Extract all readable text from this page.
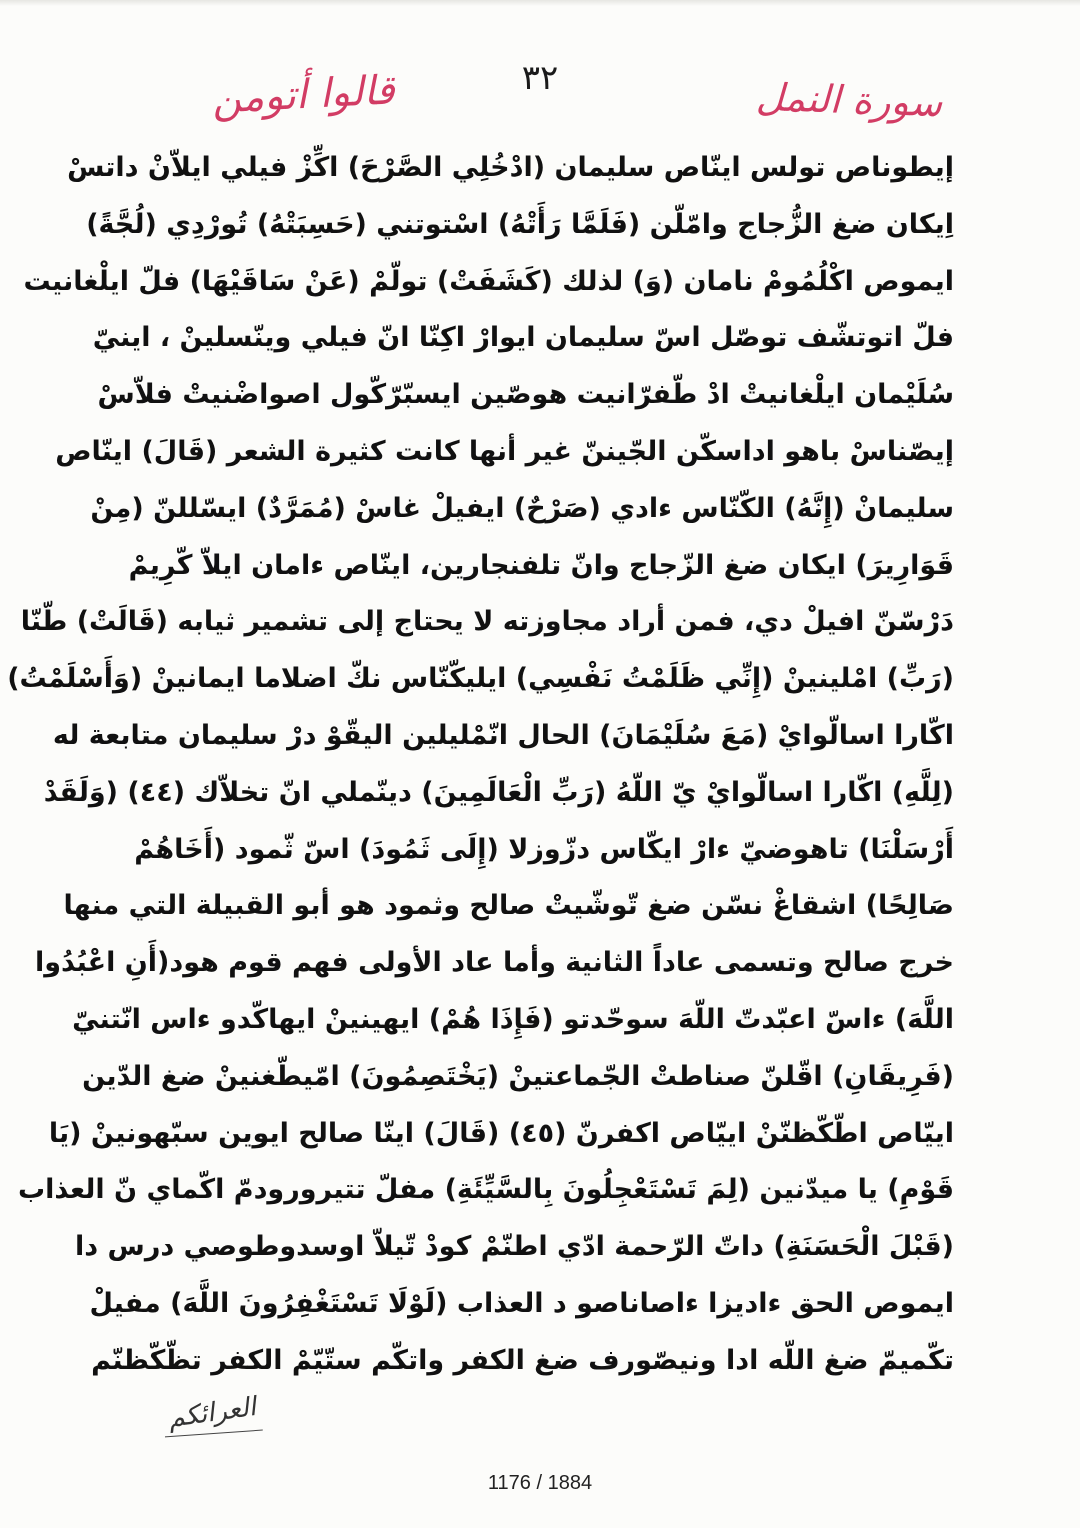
قالوا أتومن	٣٢	سورة النمل
إيطوناص تولس اينّاص سليمان (ادْخُلِي الصَّرْحَ) اكِّزْ فيلي ايلاّنْ داتسْ
اِيكان ضغ الزُّجاج وامّلّن (فَلَمَّا رَأَتْهُ) اسْتوتني (حَسِبَتْهُ) تُورْدِي (لُجَّةً)
ايموص اكْلُمُومْ نامان (وَ) لذلك (كَشَفَتْ) تولّمْ (عَنْ سَاقَيْهَا) فلّ ايلْغانيت
فلّ اتوتشّف توصّل اسّ سليمان ايوارْ اكِنّا انّ فيلي وينّسلينْ ، اينيّ
سُلَيْمان ايلْغانيتْ ادْ طّفرّانيت هوصّين ايسبّرّكّول اصواضْنيتْ فلاّسْ
إيصّناسْ باهو اداسكّن الجّيننّ غير أنها كانت كثيرة الشعر (قَالَ) اينّاص
سليمانْ (إِنَّهُ) الكّنّاس ءادي (صَرْحٌ) ايفيلْ غاسْ (مُمَرَّدٌ) ايسّللنّ (مِنْ
قَوَارِيرَ) ايكان ضغ الزّجاج وانّ تلفنجارين، اينّاص ءامان ايلاّ كّرِيمْ
دَرْسّنّ افيلْ دي، فمن أراد مجاوزته لا يحتاج إلى تشمير ثيابه (قَالَتْ) طّنّا
(رَبِّ) امْلينينْ (إِنِّي ظَلَمْتُ نَفْسِي) ايليكّنّاس نكّ اضلاما ايمانينْ (وَأَسْلَمْتُ)
اكّارا اسالّوايْ (مَعَ سُلَيْمَانَ) الحال انّمْليلين اليقّوْ درْ سليمان متابعة له
(لِلَّهِ) اكّارا اسالّوايْ يّ اللّهُ (رَبِّ الْعَالَمِينَ) دينّملي انّ تخلاّك (٤٤) (وَلَقَدْ
أَرْسَلْنَا) تاهوضيّ ءارْ ايكّاس دزّوزلا (إِلَى ثَمُودَ) اسّ ثّمود (أَخَاهُمْ
صَالِحًا) اشقاغْ نسّن ضغ تّوشّيتْ صالح وثمود هو أبو القبيلة التي منها
خرج صالح وتسمى عاداً الثانية وأما عاد الأولى فهم قوم هود(أَنِ اعْبُدُوا
اللَّهَ) ءاسّ اعبّدتّ اللّهَ سوحّدتو (فَإِذَا هُمْ) ايهينينْ ايهاكّدو ءاس انّتنيّ
(فَرِيقَانِ) اقّلنّ صناطتْ الجّماعتينْ (يَخْتَصِمُونَ) امّيطّغنينْ ضغ الدّين
اييّاص اطّكّظنّنْ اييّاص اكفرنّ (٤٥) (قَالَ) اينّا صالح ايوين سبّهونينْ (يَا
قَوْمِ) يا ميدّنين (لِمَ تَسْتَعْجِلُونَ بِالسَّيِّئَةِ) مفلّ تتيرورودمّ اكّماي نّ العذاب
(قَبْلَ الْحَسَنَةِ) داتّ الرّحمة ادّي اطنّمْ كودْ تّيلاّ اوسدوطوصي درس دا
ايموص الحق ءاديزا ءاصاناصو د العذاب (لَوْلَا تَسْتَغْفِرُونَ اللَّهَ) مفيلْ
تكّميمّ ضغ اللّه ادا ونيصّورف ضغ الكفر واتكّم ستّيّمْ الكفر تظّكّظنّم
العرائكم
1176 / 1884
